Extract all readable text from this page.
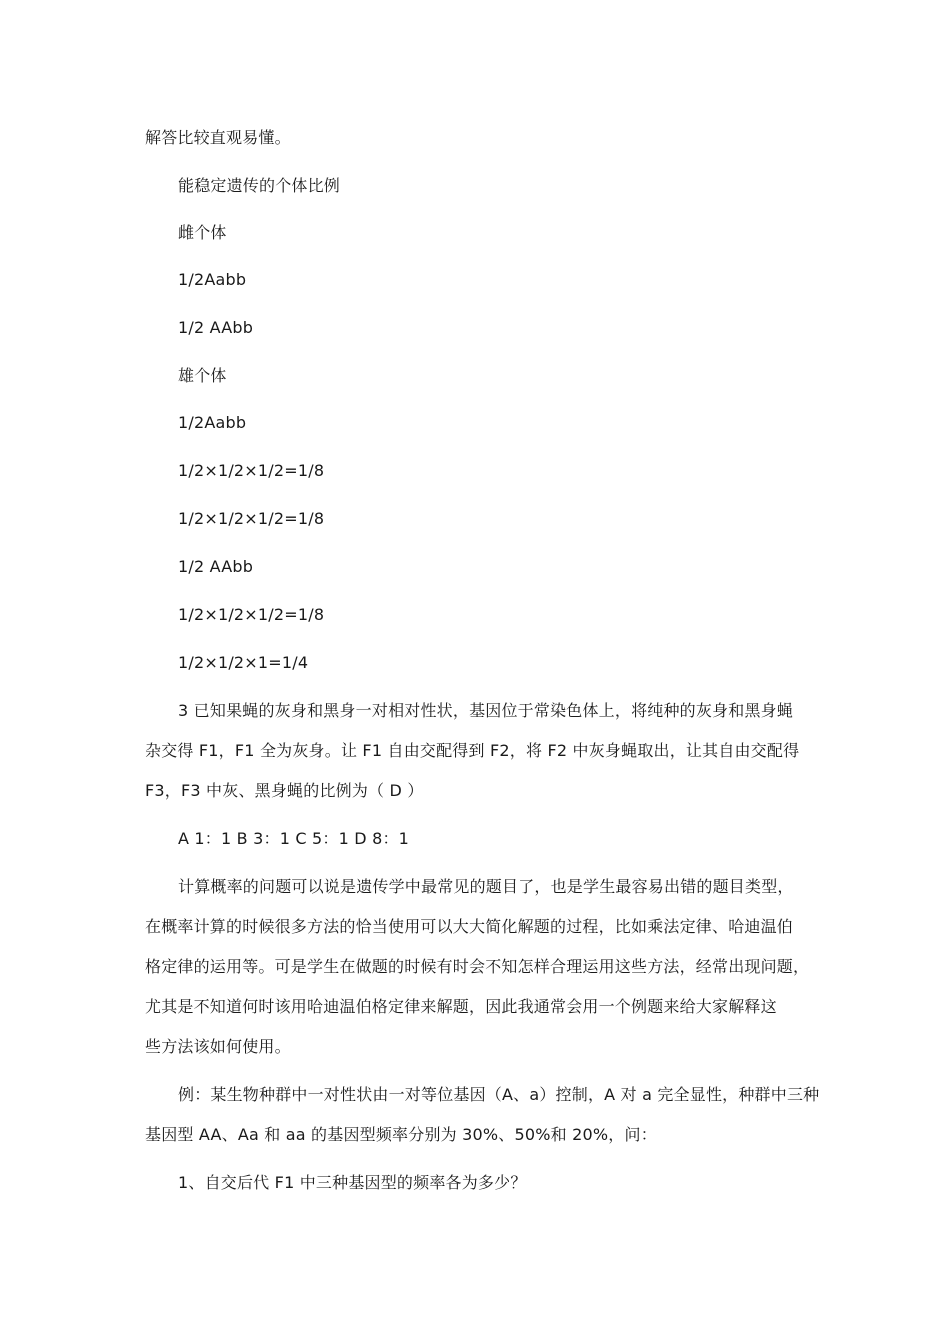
解答比较直观易懂。
能稳定遗传的个体比例
雌个体
1/2Aabb
1/2 AAbb
雄个体
1/2Aabb
1/2×1/2×1/2=1/8
1/2×1/2×1/2=1/8
1/2 AAbb
1/2×1/2×1/2=1/8
1/2×1/2×1=1/4
3 已知果蝇的灰身和黑身一对相对性状，基因位于常染色体上，将纯种的灰身和黑身蝇
杂交得 F1，F1 全为灰身。让 F1 自由交配得到 F2，将 F2 中灰身蝇取出，让其自由交配得
F3，F3 中灰、黑身蝇的比例为（ D ）
A 1：1 B 3：1 C 5：1 D 8：1
计算概率的问题可以说是遗传学中最常见的题目了，也是学生最容易出错的题目类型，
在概率计算的时候很多方法的恰当使用可以大大简化解题的过程，比如乘法定律、哈迪温伯
格定律的运用等。可是学生在做题的时候有时会不知怎样合理运用这些方法，经常出现问题，
尤其是不知道何时该用哈迪温伯格定律来解题，因此我通常会用一个例题来给大家解释这
些方法该如何使用。
例：某生物种群中一对性状由一对等位基因（A、a）控制，A 对 a 完全显性，种群中三种
基因型 AA、Aa 和 aa 的基因型频率分别为 30%、50%和 20%，问：
1、自交后代 F1 中三种基因型的频率各为多少？
